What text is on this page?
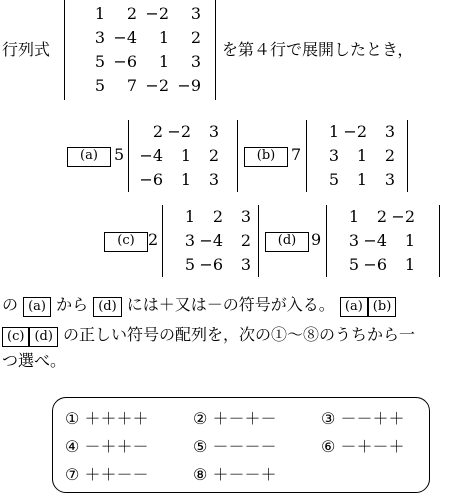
行列式
1	2	−2	3
3	−4	1	2
5	−6	1	3
5	7	−2	−9
を第４行で展開したとき，
(a)	5
2	−2	3
−4	1	2
−6	1	3
(b) 7
1	−2	3
3	1	2
5	1	3
(c) 2
1	2	3
3	−4	2
5	−6	3
(d) 9
1	2	−2
3	−4	1
5	−6	1
の (a) から (d) には＋又は－の符号が入る。 (a) (b)
(c) (d) の正しい符号の配列を，次の①～⑧のうちから一
つ選べ。
① ＋＋＋＋	② ＋－＋－	③ －－＋＋
④ －＋＋－	⑤ －－－－	⑥ －＋－＋
⑦ ＋＋－－	⑧ ＋－－＋
